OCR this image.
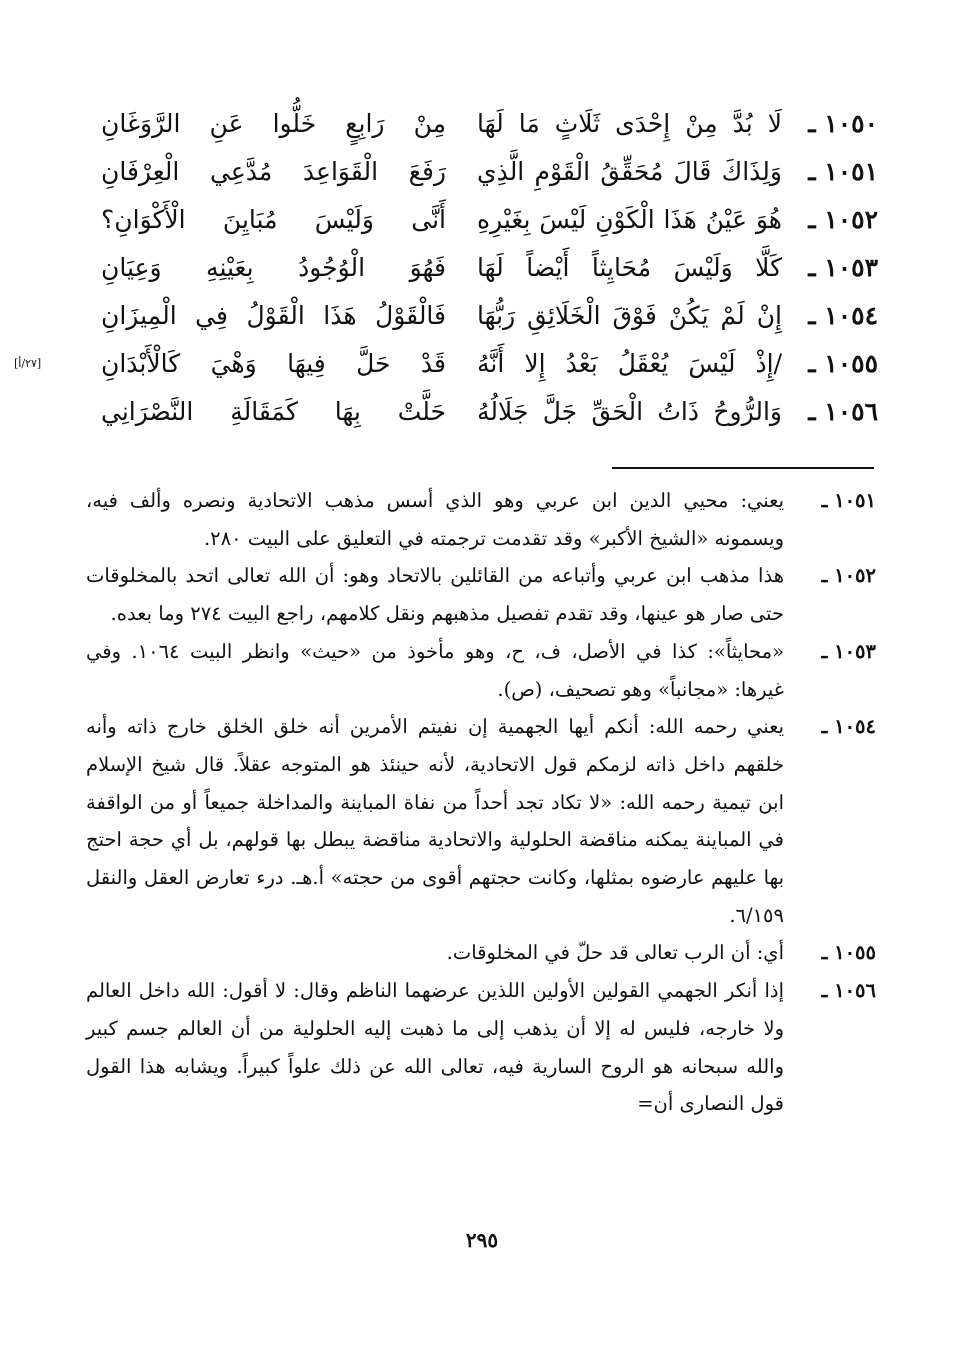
١٠٥٠ ـ
لَا بُدَّ مِنْ إِحْدَى ثَلَاثٍ مَا لَهَا
مِنْ رَابِعٍ خَلُّوا عَنِ الرَّوَغَانِ
١٠٥١ ـ
وَلِذَاكَ قَالَ مُحَقِّقُ الْقَوْمِ الَّذِي
رَفَعَ الْقَوَاعِدَ مُدَّعِي الْعِرْفَانِ
١٠٥٢ ـ
هُوَ عَيْنُ هَذَا الْكَوْنِ لَيْسَ بِغَيْرِهِ
أَنَّى وَلَيْسَ مُبَايِنَ الْأَكْوَانِ؟
١٠٥٣ ـ
كَلَّا وَلَيْسَ مُحَايِثاً أَيْضاً لَهَا
فَهُوَ الْوُجُودُ بِعَيْنِهِ وَعِيَانِ
١٠٥٤ ـ
إِنْ لَمْ يَكُنْ فَوْقَ الْخَلَائِقِ رَبُّهَا
فَالْقَوْلُ هَذَا الْقَوْلُ فِي الْمِيزَانِ
١٠٥٥ ـ
/إِذْ لَيْسَ يُعْقَلُ بَعْدُ إِلا أَنَّهُ
قَدْ حَلَّ فِيهَا وَهْيَ كَالْأَبْدَانِ
[٢٧/أ]
١٠٥٦ ـ
وَالرُّوحُ ذَاتُ الْحَقِّ جَلَّ جَلَالُهُ
حَلَّتْ بِهَا كَمَقَالَةِ النَّصْرَانِي
١٠٥١ ـ
يعني: محيي الدين ابن عربي وهو الذي أسس مذهب الاتحادية ونصره وألف فيه، ويسمونه «الشيخ الأكبر» وقد تقدمت ترجمته في التعليق على البيت ٢٨٠.
١٠٥٢ ـ
هذا مذهب ابن عربي وأتباعه من القائلين بالاتحاد وهو: أن الله تعالى اتحد بالمخلوقات حتى صار هو عينها، وقد تقدم تفصيل مذهبهم ونقل كلامهم، راجع البيت ٢٧٤ وما بعده.
١٠٥٣ ـ
«محايثاً»: كذا في الأصل، ف، ح، وهو مأخوذ من «حيث» وانظر البيت ١٠٦٤. وفي غيرها: «مجانباً» وهو تصحيف، (ص).
١٠٥٤ ـ
يعني رحمه الله: أنكم أيها الجهمية إن نفيتم الأمرين أنه خلق الخلق خارج ذاته وأنه خلقهم داخل ذاته لزمكم قول الاتحادية، لأنه حينئذ هو المتوجه عقلاً. قال شيخ الإسلام ابن تيمية رحمه الله: «لا تكاد تجد أحداً من نفاة المباينة والمداخلة جميعاً أو من الواقفة في المباينة يمكنه مناقضة الحلولية والاتحادية مناقضة يبطل بها قولهم، بل أي حجة احتج بها عليهم عارضوه بمثلها، وكانت حجتهم أقوى من حجته» أ.هـ. درء تعارض العقل والنقل ٦/١٥٩.
١٠٥٥ ـ
أي: أن الرب تعالى قد حلّ في المخلوقات.
١٠٥٦ ـ
إذا أنكر الجهمي القولين الأولين اللذين عرضهما الناظم وقال: لا أقول: الله داخل العالم ولا خارجه، فليس له إلا أن يذهب إلى ما ذهبت إليه الحلولية من أن العالم جسم كبير والله سبحانه هو الروح السارية فيه، تعالى الله عن ذلك علواً كبيراً. ويشابه هذا القول قول النصارى أن=
٢٩٥
